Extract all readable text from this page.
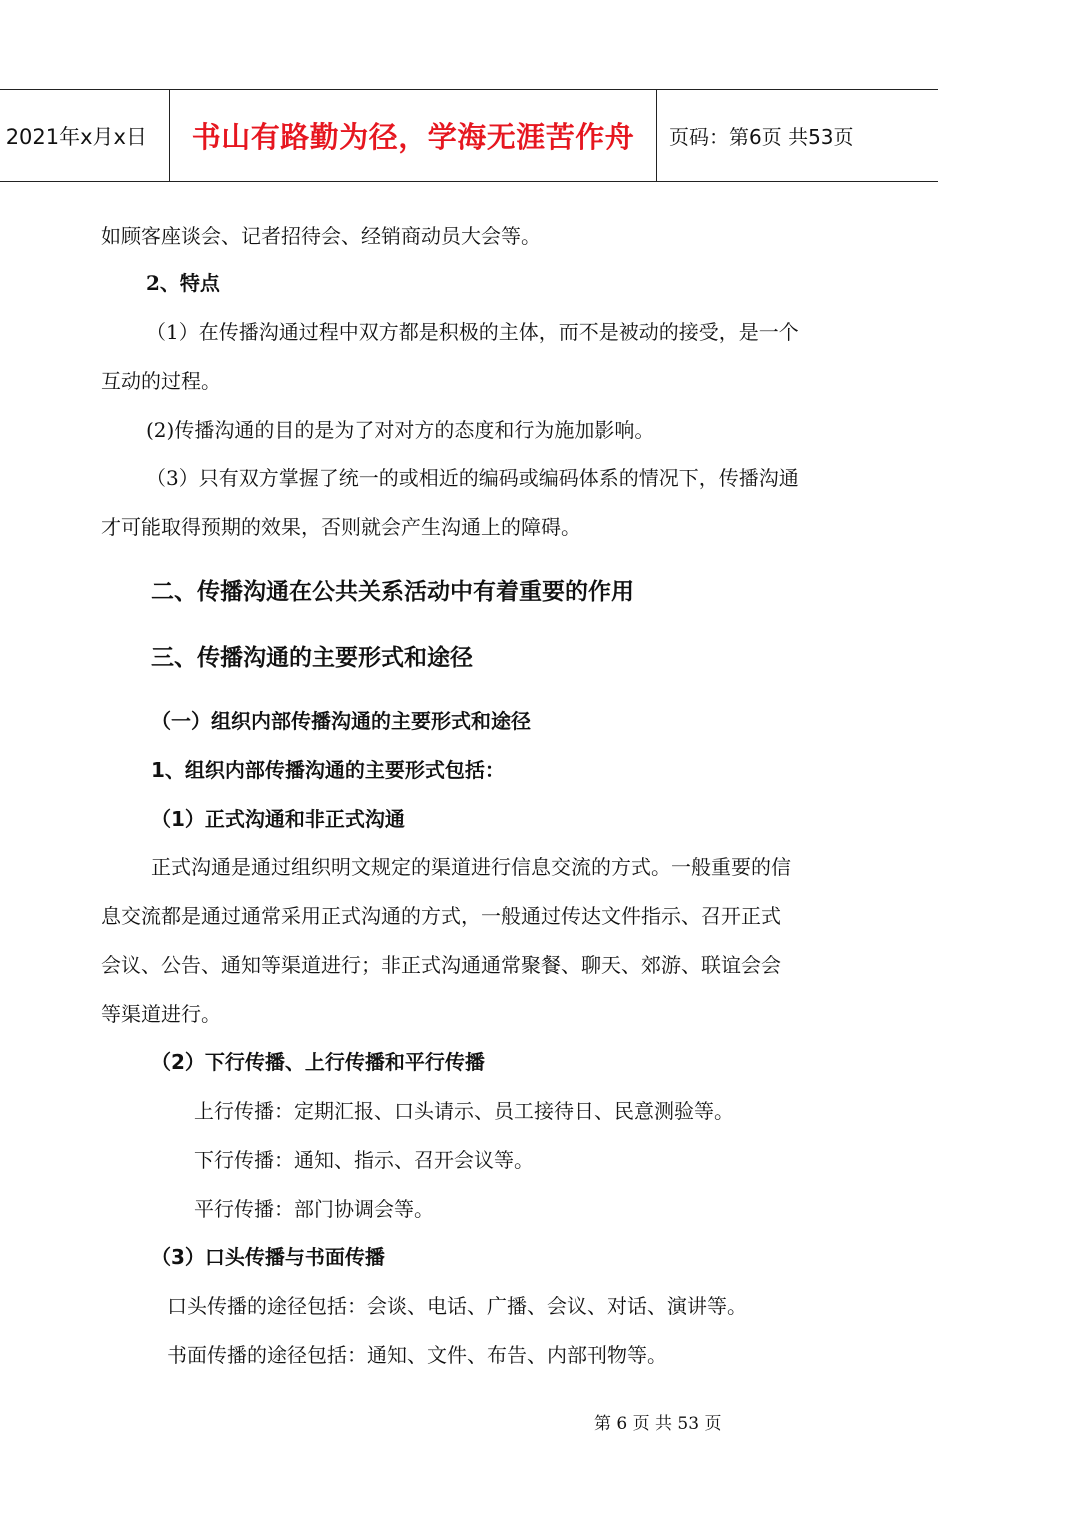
2021年x月x日	书山有路勤为径，学海无涯苦作舟	页码：第6页 共53页
如顾客座谈会、记者招待会、经销商动员大会等。
2、特点
（1）在传播沟通过程中双方都是积极的主体，而不是被动的接受，是一个
互动的过程。
(2)传播沟通的目的是为了对对方的态度和行为施加影响。
（3）只有双方掌握了统一的或相近的编码或编码体系的情况下，传播沟通
才可能取得预期的效果，否则就会产生沟通上的障碍。
二、传播沟通在公共关系活动中有着重要的作用
三、传播沟通的主要形式和途径
（一）组织内部传播沟通的主要形式和途径
1、组织内部传播沟通的主要形式包括：
（1）正式沟通和非正式沟通
正式沟通是通过组织明文规定的渠道进行信息交流的方式。一般重要的信
息交流都是通过通常采用正式沟通的方式，一般通过传达文件指示、召开正式
会议、公告、通知等渠道进行；非正式沟通通常聚餐、聊天、郊游、联谊会会
等渠道进行。
（2）下行传播、上行传播和平行传播
上行传播：定期汇报、口头请示、员工接待日、民意测验等。
下行传播：通知、指示、召开会议等。
平行传播：部门协调会等。
（3）口头传播与书面传播
口头传播的途径包括：会谈、电话、广播、会议、对话、演讲等。
书面传播的途径包括：通知、文件、布告、内部刊物等。
第 6 页 共 53 页
